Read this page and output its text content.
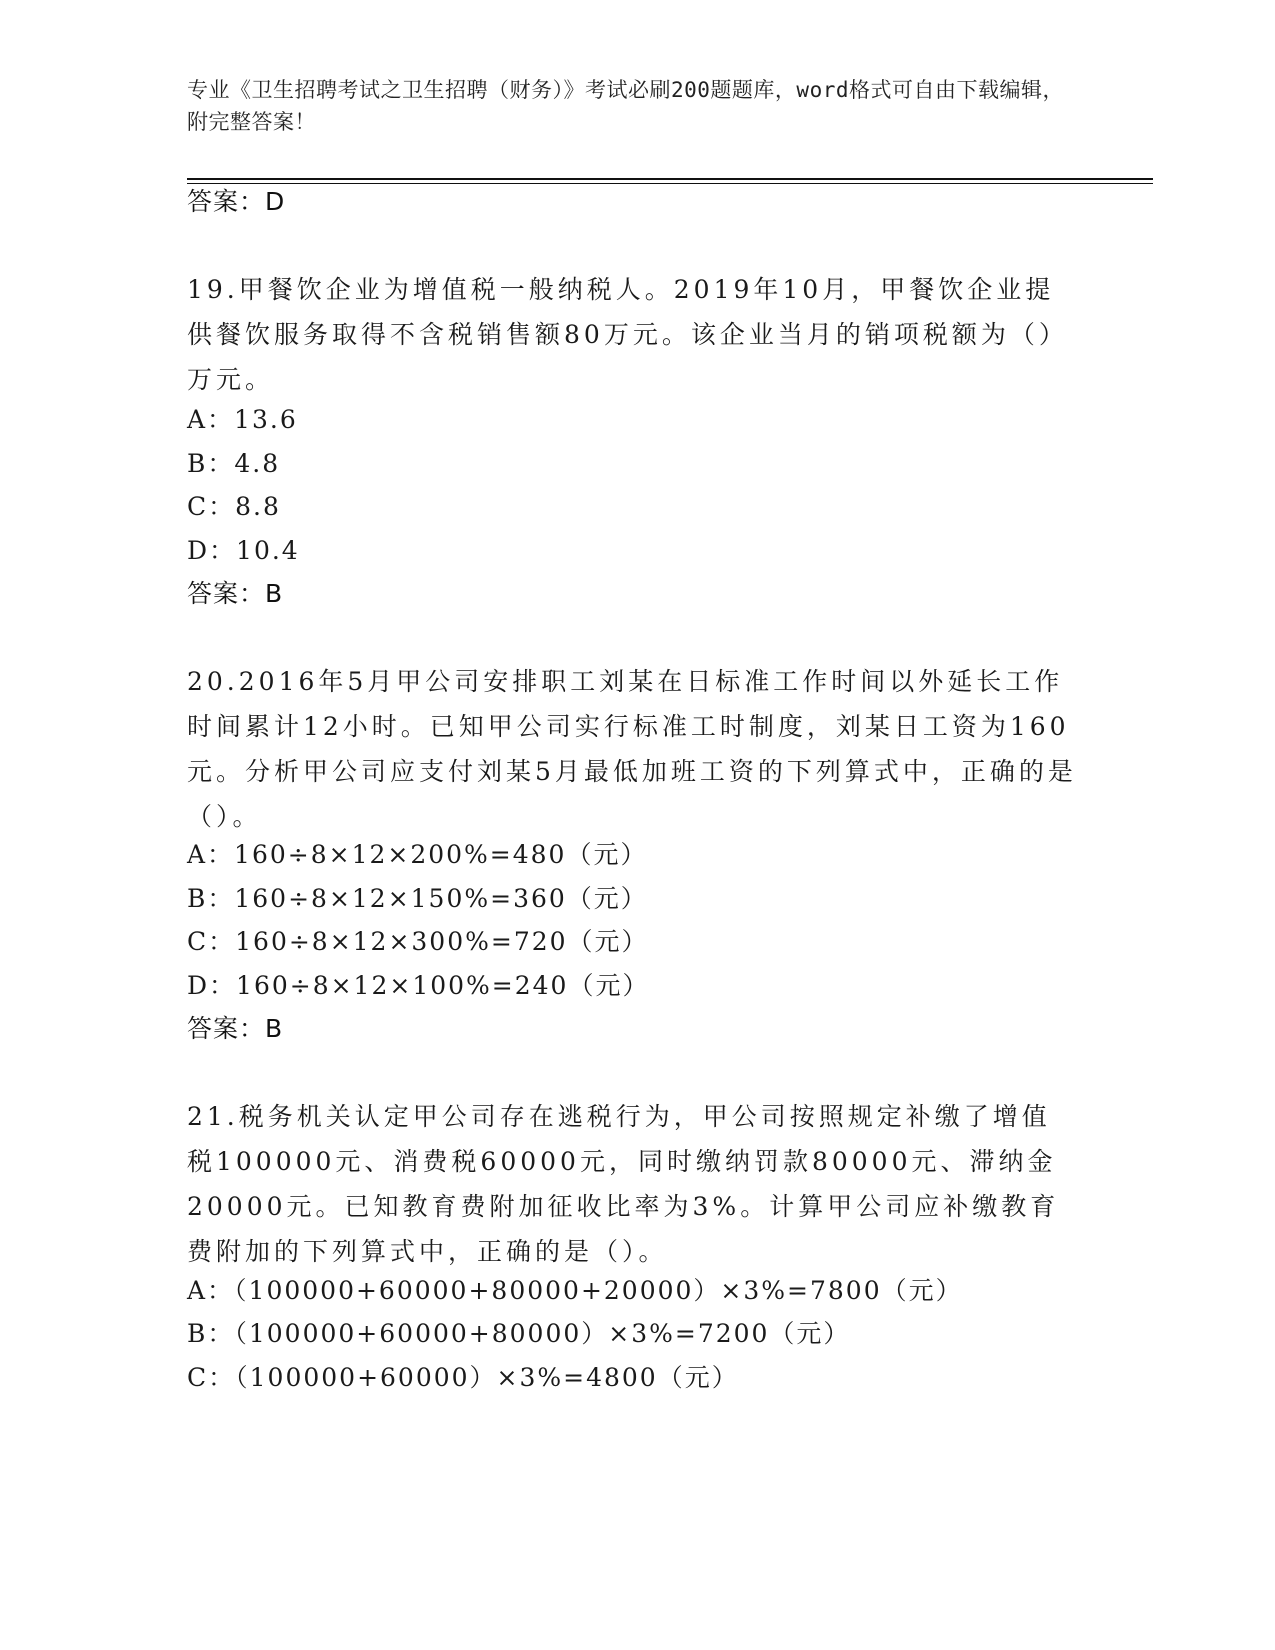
专业《卫生招聘考试之卫生招聘（财务）》考试必刷200题题库，word格式可自由下载编辑，附完整答案！
答案：D
19.甲餐饮企业为增值税一般纳税人。2019年10月，甲餐饮企业提供餐饮服务取得不含税销售额80万元。该企业当月的销项税额为（）万元。
A：13.6
B：4.8
C：8.8
D：10.4
答案：B
20.2016年5月甲公司安排职工刘某在日标准工作时间以外延长工作时间累计12小时。已知甲公司实行标准工时制度，刘某日工资为160元。分析甲公司应支付刘某5月最低加班工资的下列算式中，正确的是（）。
A：160÷8×12×200%=480（元）
B：160÷8×12×150%=360（元）
C：160÷8×12×300%=720（元）
D：160÷8×12×100%=240（元）
答案：B
21.税务机关认定甲公司存在逃税行为，甲公司按照规定补缴了增值税100000元、消费税60000元，同时缴纳罚款80000元、滞纳金20000元。已知教育费附加征收比率为3%。计算甲公司应补缴教育费附加的下列算式中，正确的是（）。
A：（100000+60000+80000+20000）×3%=7800（元）
B：（100000+60000+80000）×3%=7200（元）
C：（100000+60000）×3%=4800（元）
